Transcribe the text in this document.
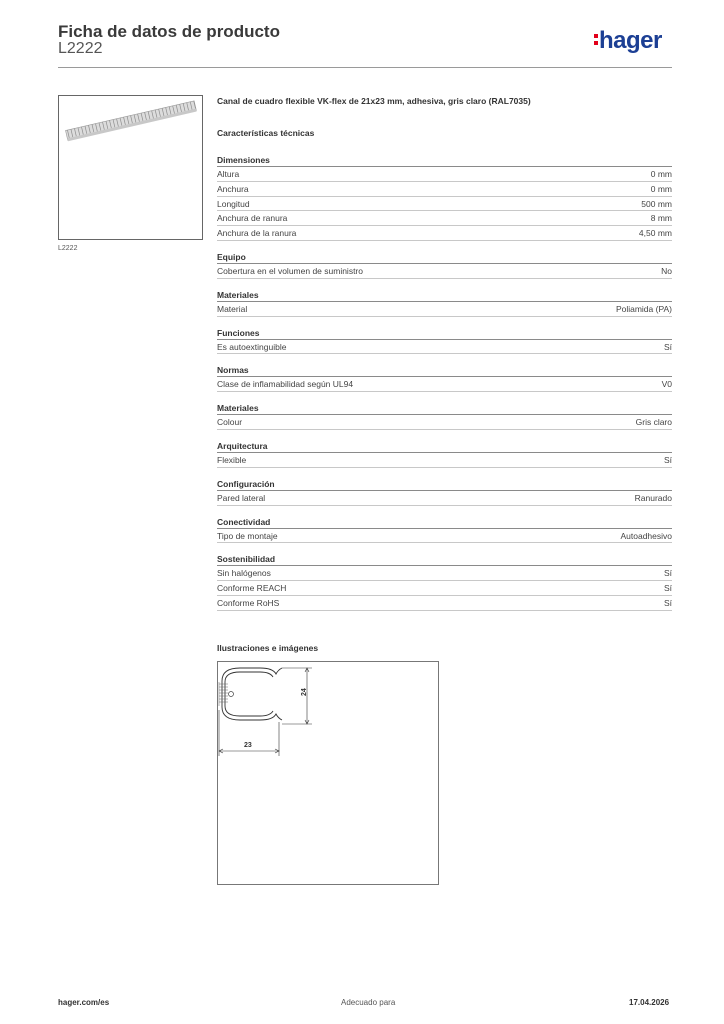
Ficha de datos de producto
L2222	hager
L2222
Canal de cuadro flexible VK-flex de 21x23 mm, adhesiva, gris claro (RAL7035)
Características técnicas
Dimensiones
Altura	0 mm
Anchura	0 mm
Longitud	500 mm
Anchura de ranura	8 mm
Anchura de la ranura	4,50 mm
Equipo
Cobertura en el volumen de suministro	No
Materiales
Material	Poliamida (PA)
Funciones
Es autoextinguible	Sí
Normas
Clase de inflamabilidad según UL94	V0
Materiales
Colour	Gris claro
Arquitectura
Flexible	Sí
Configuración
Pared lateral	Ranurado
Conectividad
Tipo de montaje	Autoadhesivo
Sostenibilidad
Sin halógenos	Sí
Conforme REACH	Sí
Conforme RoHS	Sí
Ilustraciones e imágenes
24
23
hager.com/es	Adecuado para	17.04.2026
